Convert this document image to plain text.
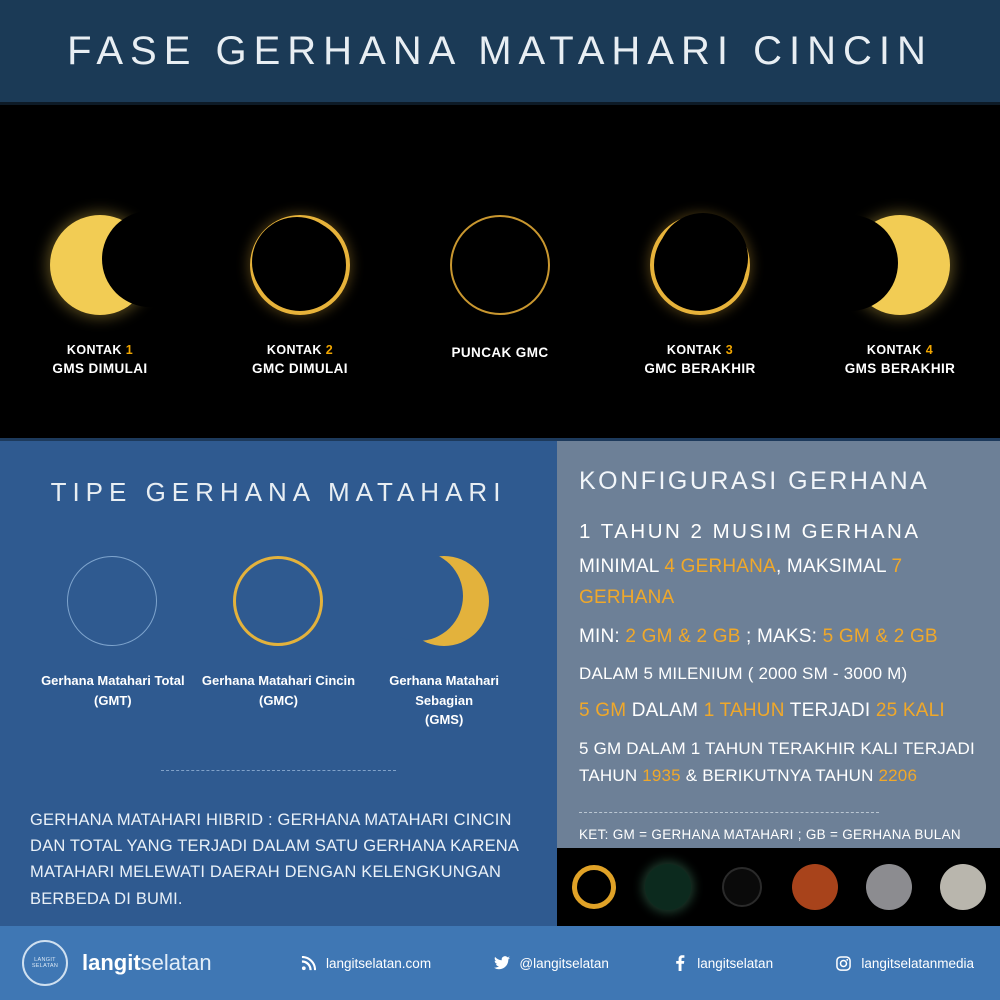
FASE GERHANA MATAHARI CINCIN
KONTAK 1
GMS DIMULAI
KONTAK 2
GMC DIMULAI
PUNCAK GMC	KONTAK 3
GMC BERAKHIR
KONTAK 4
GMS BERAKHIR
TIPE GERHANA MATAHARI
Gerhana Matahari Total
(GMT)
Gerhana Matahari Cincin
(GMC)
Gerhana Matahari Sebagian
(GMS)
GERHANA MATAHARI HIBRID : GERHANA MATAHARI CINCIN DAN TOTAL YANG TERJADI DALAM SATU GERHANA KARENA MATAHARI MELEWATI DAERAH DENGAN KELENGKUNGAN BERBEDA DI BUMI.
KONFIGURASI GERHANA
1 TAHUN 2 MUSIM GERHANA

MINIMAL 4 GERHANA, MAKSIMAL 7 GERHANA

MIN: 2 GM & 2 GB ; MAKS: 5 GM & 2 GB

DALAM 5 MILENIUM ( 2000 SM - 3000 M)

5 GM DALAM 1 TAHUN TERJADI 25 KALI

5 GM DALAM 1 TAHUN TERAKHIR KALI TERJADI
TAHUN 1935 & BERIKUTNYA TAHUN 2206

KET: GM = GERHANA MATAHARI ; GB = GERHANA BULAN
LANGIT SELATAN	langitselatan	langitselatan.com	@langitselatan	langitselatan	langitselatanmedia
